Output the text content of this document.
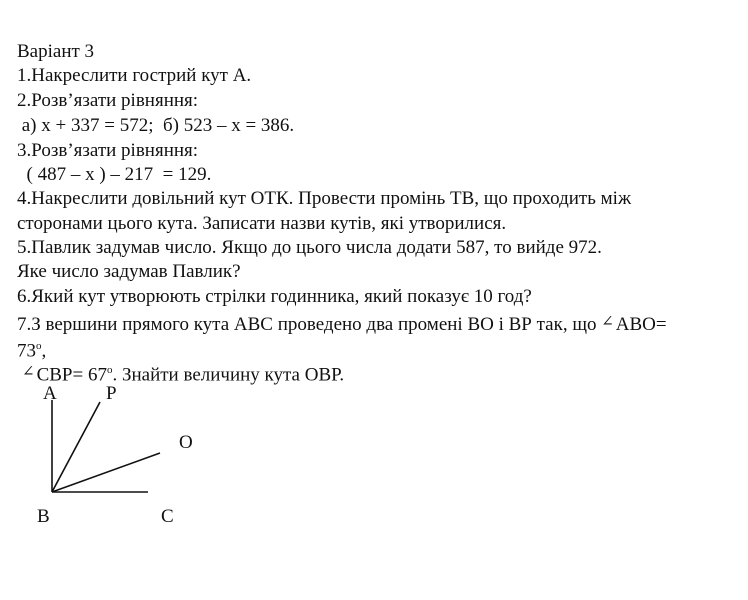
Варіант 3
1.Накреслити гострий кут А.
2.Розв’язати рівняння:
а) х + 337 = 572;  б) 523 – х = 386.
3.Розв’язати рівняння:
( 487 – х ) – 217  = 129.
4.Накреслити довільний кут ОТК. Провести промінь ТВ, що проходить між
сторонами цього кута. Записати назви кутів, які утворилися.
5.Павлик задумав число. Якщо до цього числа додати 587, то вийде 972.
Яке число задумав Павлик?
6.Який кут утворюють стрілки годинника, який показує 10 год?
7.З вершини прямого кута АВС проведено два промені ВО і ВР так, що ∠ АВО=
$73^о$,
∠ $СВР= 67^о$. Знайти величину кута ОВР.
А	Р
О
В	С
